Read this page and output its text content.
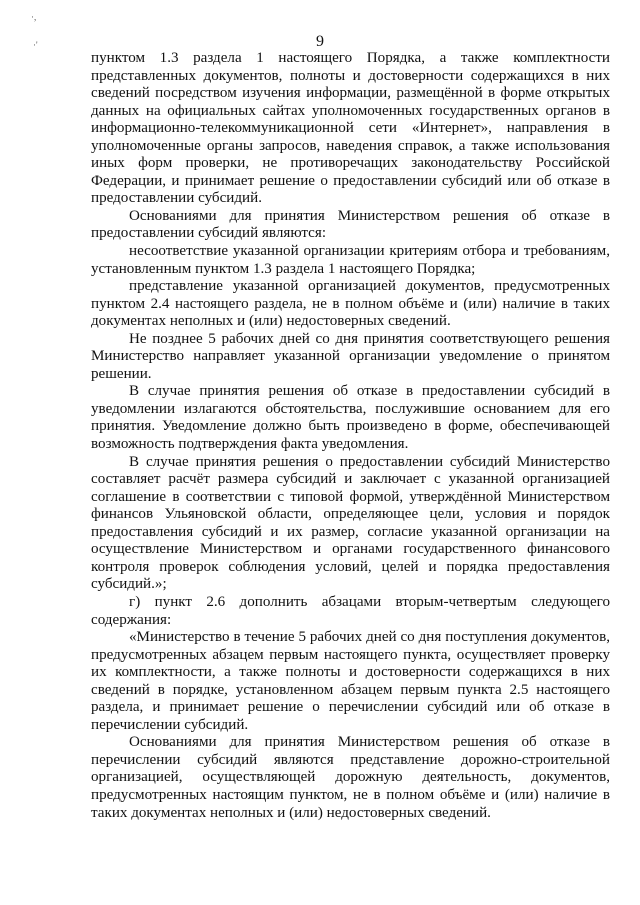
·,
·'	9

пунктом 1.3 раздела 1 настоящего Порядка, а также комплектности представленных документов, полноты и достоверности содержащихся в них сведений посредством изучения информации, размещённой в форме открытых данных на официальных сайтах уполномоченных государственных органов в информационно-телекоммуникационной сети «Интернет», направления в уполномоченные органы запросов, наведения справок, а также использования иных форм проверки, не противоречащих законодательству Российской Федерации, и принимает решение о предоставлении субсидий или об отказе в предоставлении субсидий.

Основаниями для принятия Министерством решения об отказе в предоставлении субсидий являются:

несоответствие указанной организации критериям отбора и требованиям, установленным пунктом 1.3 раздела 1 настоящего Порядка;

представление указанной организацией документов, предусмотренных пунктом 2.4 настоящего раздела, не в полном объёме и (или) наличие в таких документах неполных и (или) недостоверных сведений.

Не позднее 5 рабочих дней со дня принятия соответствующего решения Министерство направляет указанной организации уведомление о принятом решении.

В случае принятия решения об отказе в предоставлении субсидий в уведомлении излагаются обстоятельства, послужившие основанием для его принятия. Уведомление должно быть произведено в форме, обеспечивающей возможность подтверждения факта уведомления.

В случае принятия решения о предоставлении субсидий Министерство составляет расчёт размера субсидий и заключает с указанной организацией соглашение в соответствии с типовой формой, утверждённой Министерством финансов Ульяновской области, определяющее цели, условия и порядок предоставления субсидий и их размер, согласие указанной организации на осуществление Министерством и органами государственного финансового контроля проверок соблюдения условий, целей и порядка предоставления субсидий.»;

г) пункт 2.6 дополнить абзацами вторым-четвертым следующего содержания:

«Министерство в течение 5 рабочих дней со дня поступления документов, предусмотренных абзацем первым настоящего пункта, осуществляет проверку их комплектности, а также полноты и достоверности содержащихся в них сведений в порядке, установленном абзацем первым пункта 2.5 настоящего раздела, и принимает решение о перечислении субсидий или об отказе в перечислении субсидий.

Основаниями для принятия Министерством решения об отказе в перечислении субсидий являются представление дорожно-строительной организацией, осуществляющей дорожную деятельность, документов, предусмотренных настоящим пунктом, не в полном объёме и (или) наличие в таких документах неполных и (или) недостоверных сведений.
